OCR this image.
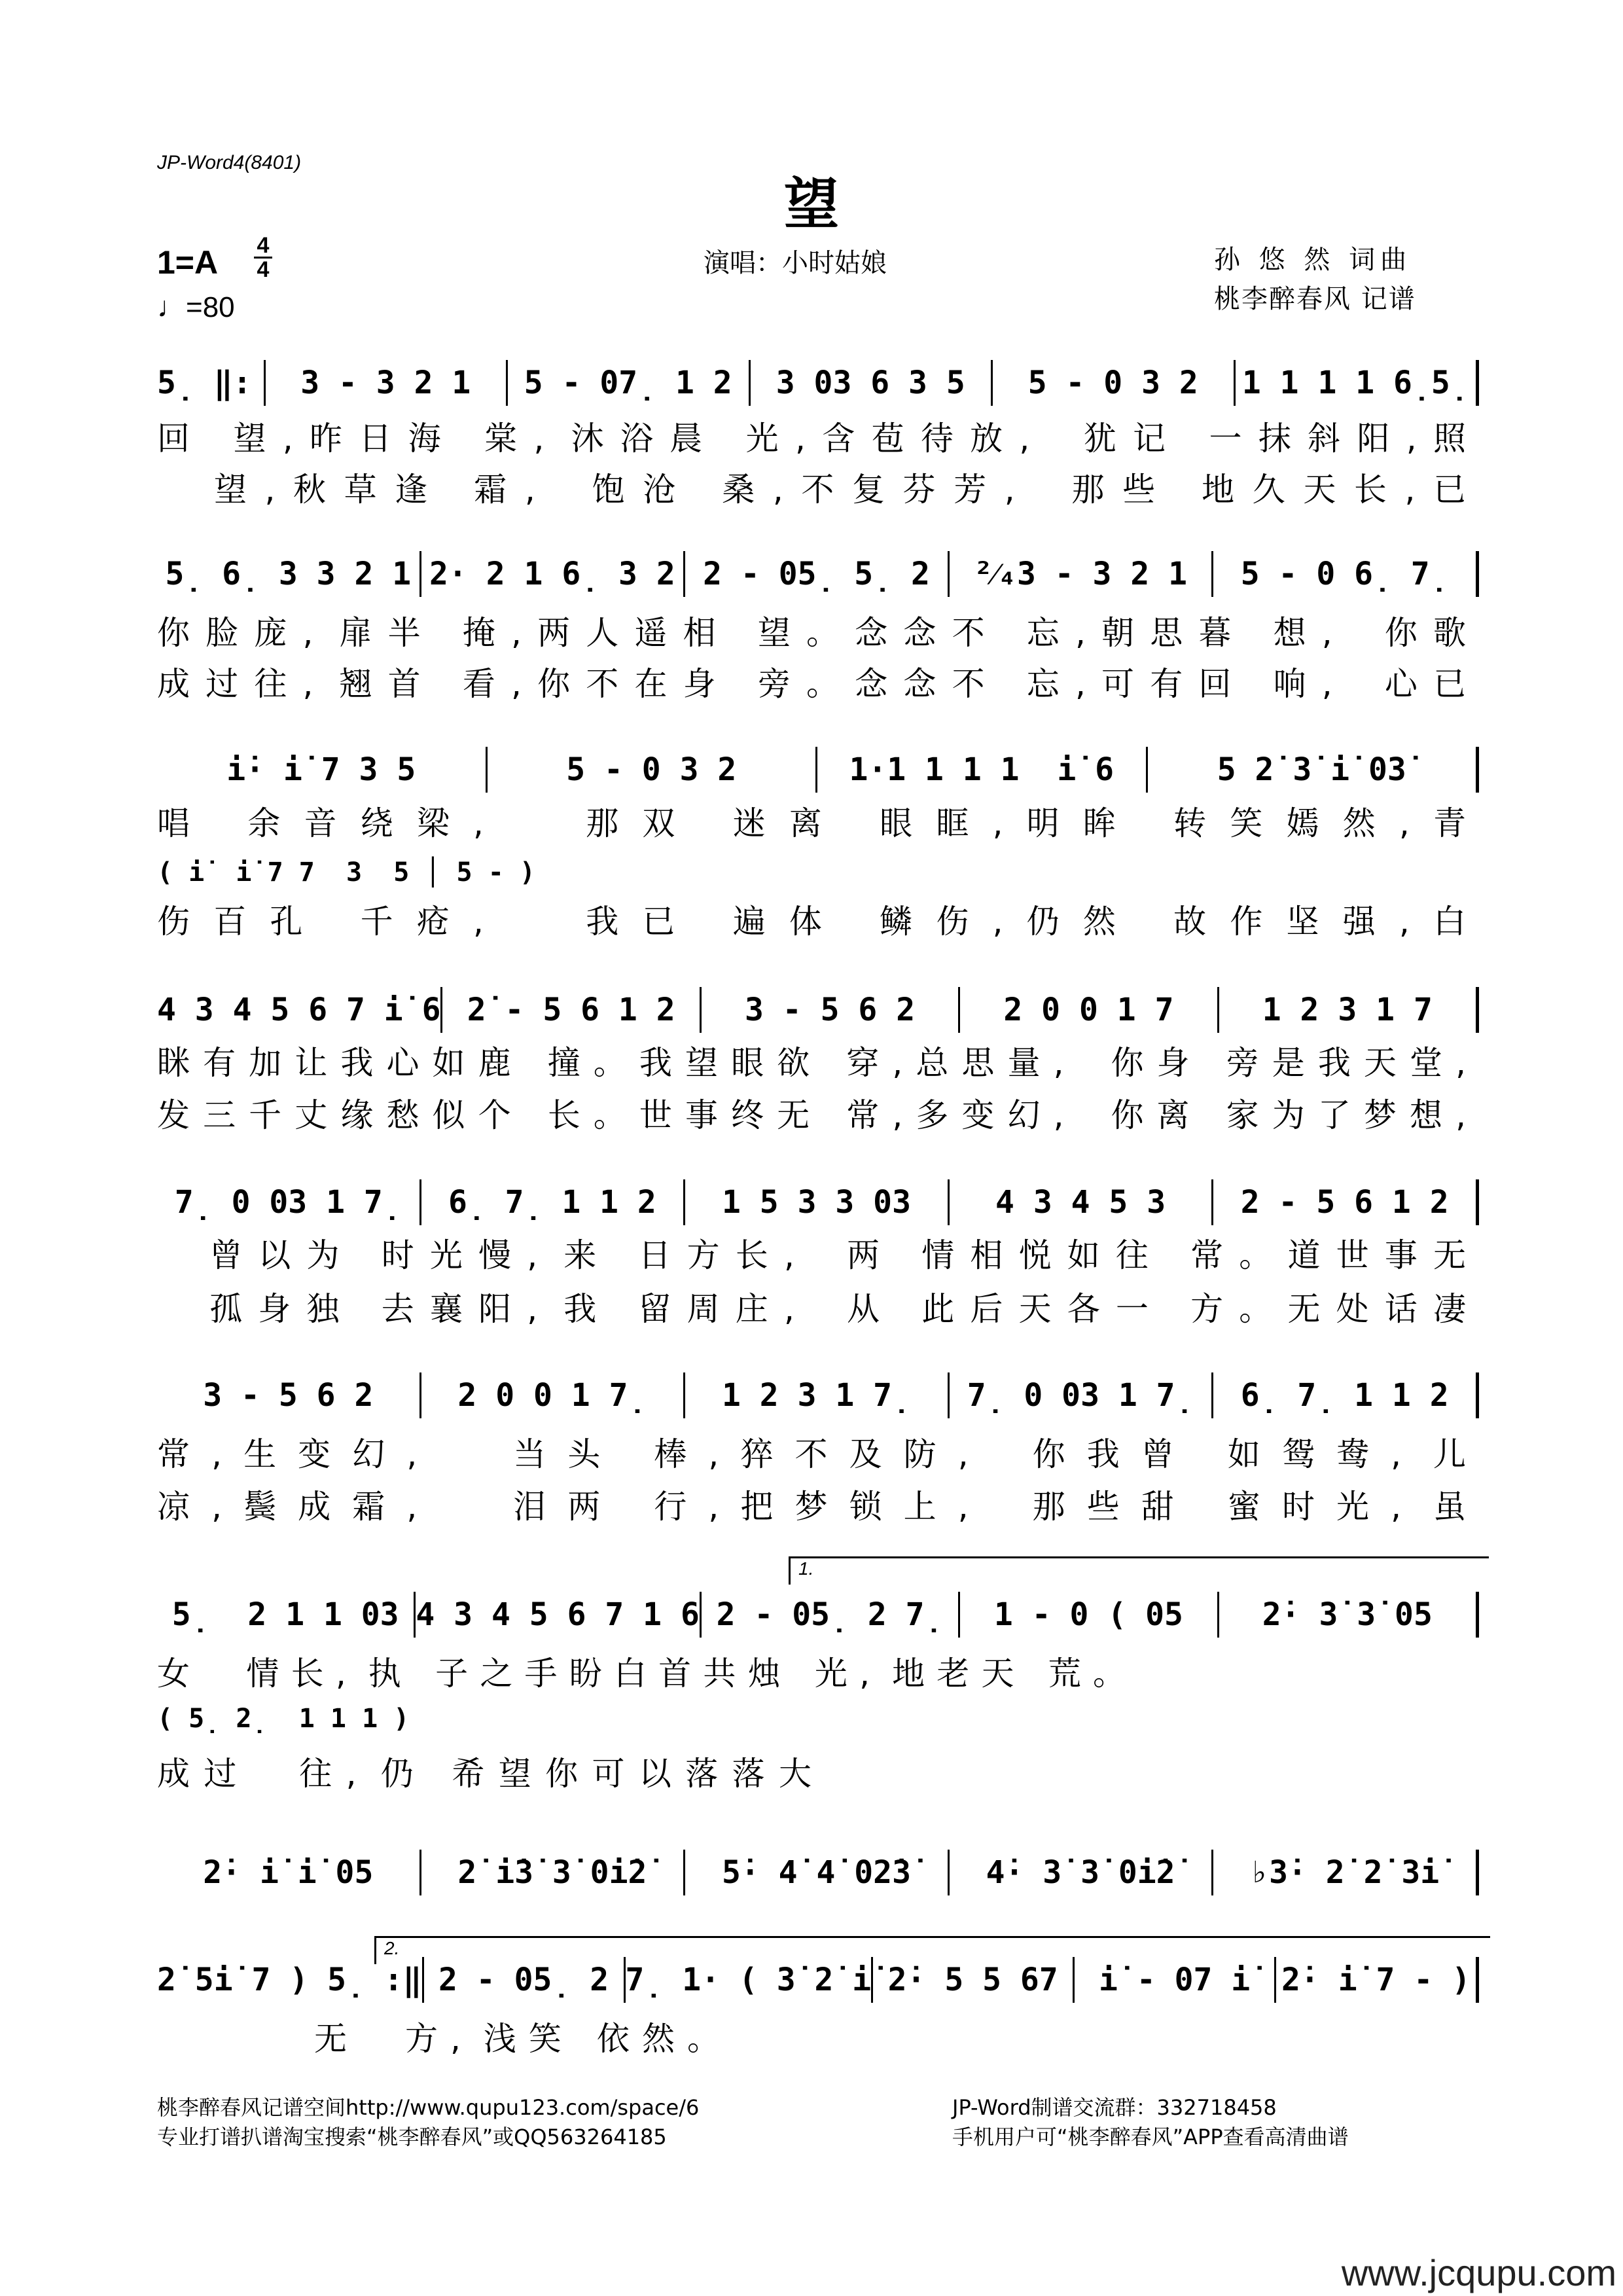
JP-Word4(8401)
望
1=A 4
4
♩=80
演唱：小时姑娘	孙 悠 然 词曲
桃李醉春风 记谱
5̣ ‖:	3 - 3 2 1	5 - 07̣ 1 2	3 03 6 3 5	5 - 0 3 2	1 1 1 1 6̣5̣
回 望,昨日海 棠, 沐浴晨 光,含苞待放,  犹记 一抹斜阳,照
望,秋草逢 霜,  饱沧 桑,不复芬芳,  那些 地久天长,已
5̣ 6̣ 3 3 2 1 2· 2 1 6̣ 3 2 2 - 05̣ 5̣ 2	²⁄₄3 - 3 2 1	5 - 0 6̣ 7̣
你脸庞, 扉半 掩,两人遥相 望。念念不 忘,朝思暮 想,  你歌
成过往, 翘首 看,你不在身 旁。念念不 忘,可有回 响,  心已
i̇· i̇ 7 3 5	5 - 0 3 2	1·1 1 1 1  i̇ 6	5 2̇ 3̇ i̇ 03̇
唱 余音绕梁,   那双 迷离 眼眶,明眸 转笑嫣然,青
( i̇  i̇ 7 7  3  5 │ 5 - )
伤百孔 千疮,   我已 遍体 鳞伤,仍然 故作坚强,白
4 3 4 5 6 7 i̇ 6 2̇ - 5 6 1 2	3 - 5 6 2	2 0 0 1 7	1 2 3 1 7
眯有加让我心如鹿 撞。我望眼欲 穿,总思量,  你身 旁是我天堂,
发三千丈缘愁似个 长。世事终无 常,多变幻,  你离 家为了梦想,
7̣ 0 03 1 7̣	6̣ 7̣ 1 1 2	1 5 3 3 03	4 3 4 5 3	2 - 5 6 1 2
曾以为 时光慢, 来 日方长,  两 情相悦如往 常。道世事无
孤身独 去襄阳, 我 留周庄,  从 此后天各一 方。无处话凄
3 - 5 6 2	2 0 0 1 7̣	1 2 3 1 7̣	7̣ 0 03 1 7̣	6̣ 7̣ 1 1 2
常,生变幻,   当头 棒,猝不及防,  你我曾 如鸳鸯, 儿
凉,鬓成霜,   泪两 行,把梦锁上,  那些甜 蜜时光, 虽
5̣  2 1 1 03 4 3 4 5 6 7 1 6 2 - 05̣ 2 7̣	1 - 0 ( 05	2̇· 3̇ 3̇ 05
1.
女  情长, 执 子之手盼白首共烛 光, 地老天 荒。
( 5̣ 2̣  1 1 1 )
成过  往, 仍 希望你可以落落大
2̇· i̇ i̇ 05	2̇ i̇3̇ 3̇ 0i̇2̇	5̇· 4̇ 4̇ 02̇3̇	4̇· 3̇ 3̇ 0i̇2̇	♭3̇· 2̇ 2̇ 3̇i̇
2̇ 5i̇ 7 ) 5̣ :‖ 2 - 05̣ 2 7̣ 1· ( 3̇ 2̇ i̇ 2̇· 5 5 67	i̇ - 07 i̇ 2̇· i̇ 7 - )
2.
无  方, 浅笑 依然。
桃李醉春风记谱空间http://www.qupu123.com/space/6
专业打谱扒谱淘宝搜索“桃李醉春风”或QQ563264185
JP-Word制谱交流群：332718458
手机用户可“桃李醉春风”APP查看高清曲谱
www.jcqupu.com
